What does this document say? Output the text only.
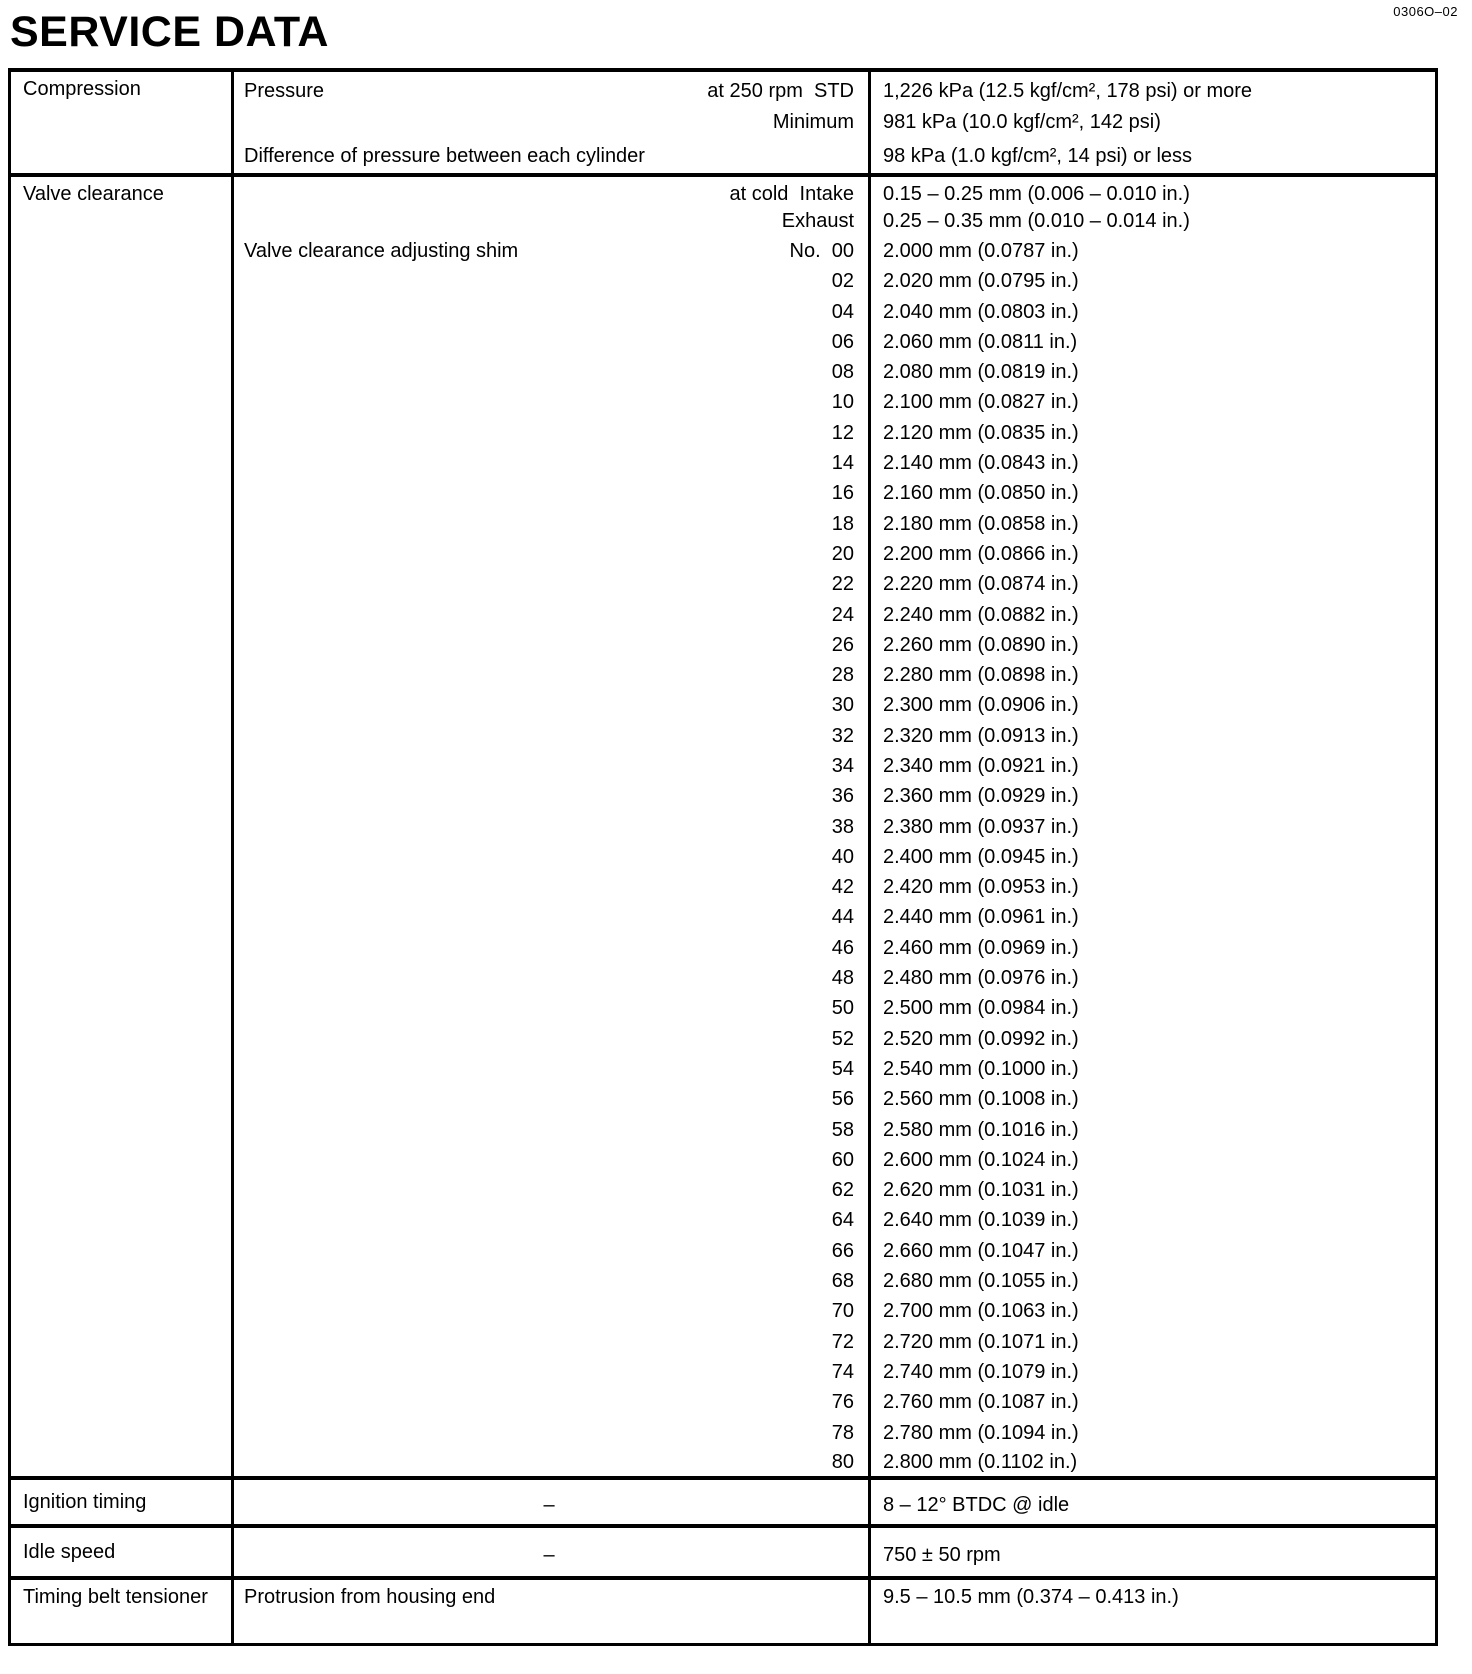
0306O–02
SERVICE DATA
Compression	Pressure at 250 rpm  STD	1,226 kPa (12.5 kgf/cm², 178 psi) or more

	Minimum	981 kPa (10.0 kgf/cm², 142 psi)

	Difference of pressure between each cylinder	98 kPa (1.0 kgf/cm², 14 psi) or less
Valve clearance	at cold  Intake	0.15 – 0.25 mm (0.006 – 0.010 in.)

	Exhaust	0.25 – 0.35 mm (0.010 – 0.014 in.)

	Valve clearance adjusting shim No.  00	2.000 mm (0.0787 in.)

	02	2.020 mm (0.0795 in.)

	04	2.040 mm (0.0803 in.)

	06	2.060 mm (0.0811 in.)

	08	2.080 mm (0.0819 in.)

	10	2.100 mm (0.0827 in.)

	12	2.120 mm (0.0835 in.)

	14	2.140 mm (0.0843 in.)

	16	2.160 mm (0.0850 in.)

	18	2.180 mm (0.0858 in.)

	20	2.200 mm (0.0866 in.)

	22	2.220 mm (0.0874 in.)

	24	2.240 mm (0.0882 in.)

	26	2.260 mm (0.0890 in.)

	28	2.280 mm (0.0898 in.)

	30	2.300 mm (0.0906 in.)

	32	2.320 mm (0.0913 in.)

	34	2.340 mm (0.0921 in.)

	36	2.360 mm (0.0929 in.)

	38	2.380 mm (0.0937 in.)

	40	2.400 mm (0.0945 in.)

	42	2.420 mm (0.0953 in.)

	44	2.440 mm (0.0961 in.)

	46	2.460 mm (0.0969 in.)

	48	2.480 mm (0.0976 in.)

	50	2.500 mm (0.0984 in.)

	52	2.520 mm (0.0992 in.)

	54	2.540 mm (0.1000 in.)

	56	2.560 mm (0.1008 in.)

	58	2.580 mm (0.1016 in.)

	60	2.600 mm (0.1024 in.)

	62	2.620 mm (0.1031 in.)

	64	2.640 mm (0.1039 in.)

	66	2.660 mm (0.1047 in.)

	68	2.680 mm (0.1055 in.)

	70	2.700 mm (0.1063 in.)

	72	2.720 mm (0.1071 in.)

	74	2.740 mm (0.1079 in.)

	76	2.760 mm (0.1087 in.)

	78	2.780 mm (0.1094 in.)

	80	2.800 mm (0.1102 in.)
Ignition timing	–	8 – 12° BTDC @ idle
Idle speed	–	750 ± 50 rpm
Timing belt tensioner	Protrusion from housing end	9.5 – 10.5 mm (0.374 – 0.413 in.)
